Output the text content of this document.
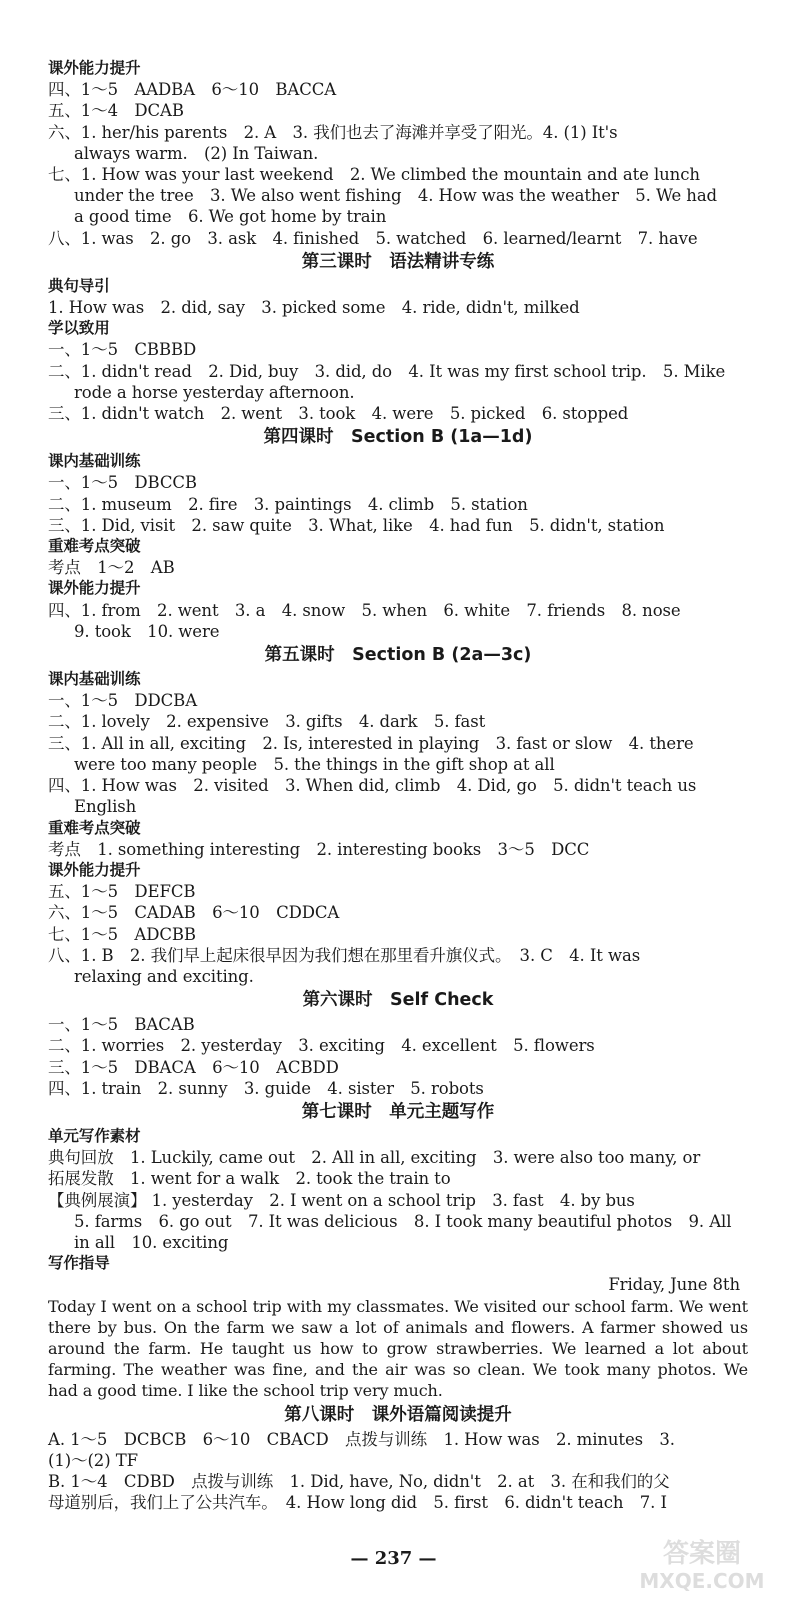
课外能力提升
四、1～5　AADBA　6～10　BACCA
五、1～4　DCAB
六、1. her/his parents　2. A　3. 我们也去了海滩并享受了阳光。4. (1) It's
always warm.　(2) In Taiwan.
七、1. How was your last weekend　2. We climbed the mountain and ate lunch
under the tree　3. We also went fishing　4. How was the weather　5. We had
a good time　6. We got home by train
八、1. was　2. go　3. ask　4. finished　5. watched　6. learned/learnt　7. have
第三课时　语法精讲专练
典句导引
1. How was　2. did, say　3. picked some　4. ride, didn't, milked
学以致用
一、1～5　CBBBD
二、1. didn't read　2. Did, buy　3. did, do　4. It was my first school trip.　5. Mike
rode a horse yesterday afternoon.
三、1. didn't watch　2. went　3. took　4. were　5. picked　6. stopped
第四课时　Section B (1a—1d)
课内基础训练
一、1～5　DBCCB
二、1. museum　2. fire　3. paintings　4. climb　5. station
三、1. Did, visit　2. saw quite　3. What, like　4. had fun　5. didn't, station
重难考点突破
考点　1～2　AB
课外能力提升
四、1. from　2. went　3. a　4. snow　5. when　6. white　7. friends　8. nose
9. took　10. were
第五课时　Section B (2a—3c)
课内基础训练
一、1～5　DDCBA
二、1. lovely　2. expensive　3. gifts　4. dark　5. fast
三、1. All in all, exciting　2. Is, interested in playing　3. fast or slow　4. there
were too many people　5. the things in the gift shop at all
四、1. How was　2. visited　3. When did, climb　4. Did, go　5. didn't teach us
English
重难考点突破
考点　1. something interesting　2. interesting books　3～5　DCC
课外能力提升
五、1～5　DEFCB
六、1～5　CADAB　6～10　CDDCA
七、1～5　ADCBB
八、1. B　2. 我们早上起床很早因为我们想在那里看升旗仪式。　3. C　4. It was
relaxing and exciting.
第六课时　Self Check
一、1～5　BACAB
二、1. worries　2. yesterday　3. exciting　4. excellent　5. flowers
三、1～5　DBACA　6～10　ACBDD
四、1. train　2. sunny　3. guide　4. sister　5. robots
第七课时　单元主题写作
单元写作素材
典句回放　1. Luckily, came out　2. All in all, exciting　3. were also too many, or
拓展发散　1. went for a walk　2. took the train to
【典例展演】 1. yesterday　2. I went on a school trip　3. fast　4. by bus
5. farms　6. go out　7. It was delicious　8. I took many beautiful photos　9. All
in all　10. exciting
写作指导
Friday, June 8th
Today I went on a school trip with my classmates. We visited our school farm. We went there by bus. On the farm we saw a lot of animals and flowers. A farmer showed us around the farm. He taught us how to grow strawberries. We learned a lot about farming. The weather was fine, and the air was so clean. We took many photos. We had a good time. I like the school trip very much.
第八课时　课外语篇阅读提升
A. 1～5　DCBCB　6～10　CBACD　点拨与训练　1. How was　2. minutes　3.
(1)～(2) TF
B. 1～4　CDBD　点拨与训练　1. Did, have, No, didn't　2. at　3. 在和我们的父
母道别后，我们上了公共汽车。　4. How long did　5. first　6. didn't teach　7. I
— 237 —	答案圈
MXQE.COM
